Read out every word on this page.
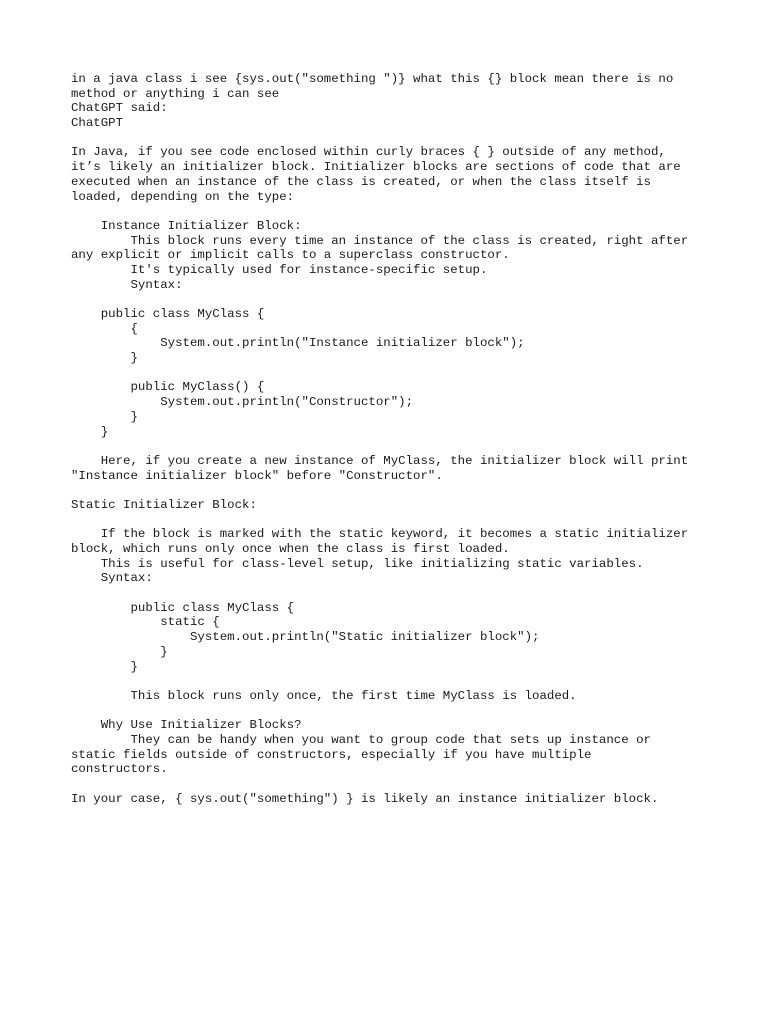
in a java class i see {sys.out("something ")} what this {} block mean there is no
method or anything i can see
ChatGPT said:
ChatGPT
In Java, if you see code enclosed within curly braces { } outside of any method,
it’s likely an initializer block. Initializer blocks are sections of code that are
executed when an instance of the class is created, or when the class itself is
loaded, depending on the type:
Instance Initializer Block:
This block runs every time an instance of the class is created, right after
any explicit or implicit calls to a superclass constructor.
It's typically used for instance-specific setup.
Syntax:
public class MyClass {
{
System.out.println("Instance initializer block");
}
public MyClass() {
System.out.println("Constructor");
}
}
Here, if you create a new instance of MyClass, the initializer block will print
"Instance initializer block" before "Constructor".
Static Initializer Block:
If the block is marked with the static keyword, it becomes a static initializer
block, which runs only once when the class is first loaded.
This is useful for class-level setup, like initializing static variables.
Syntax:
public class MyClass {
static {
System.out.println("Static initializer block");
}
}
This block runs only once, the first time MyClass is loaded.
Why Use Initializer Blocks?
They can be handy when you want to group code that sets up instance or
static fields outside of constructors, especially if you have multiple
constructors.
In your case, { sys.out("something") } is likely an instance initializer block.
